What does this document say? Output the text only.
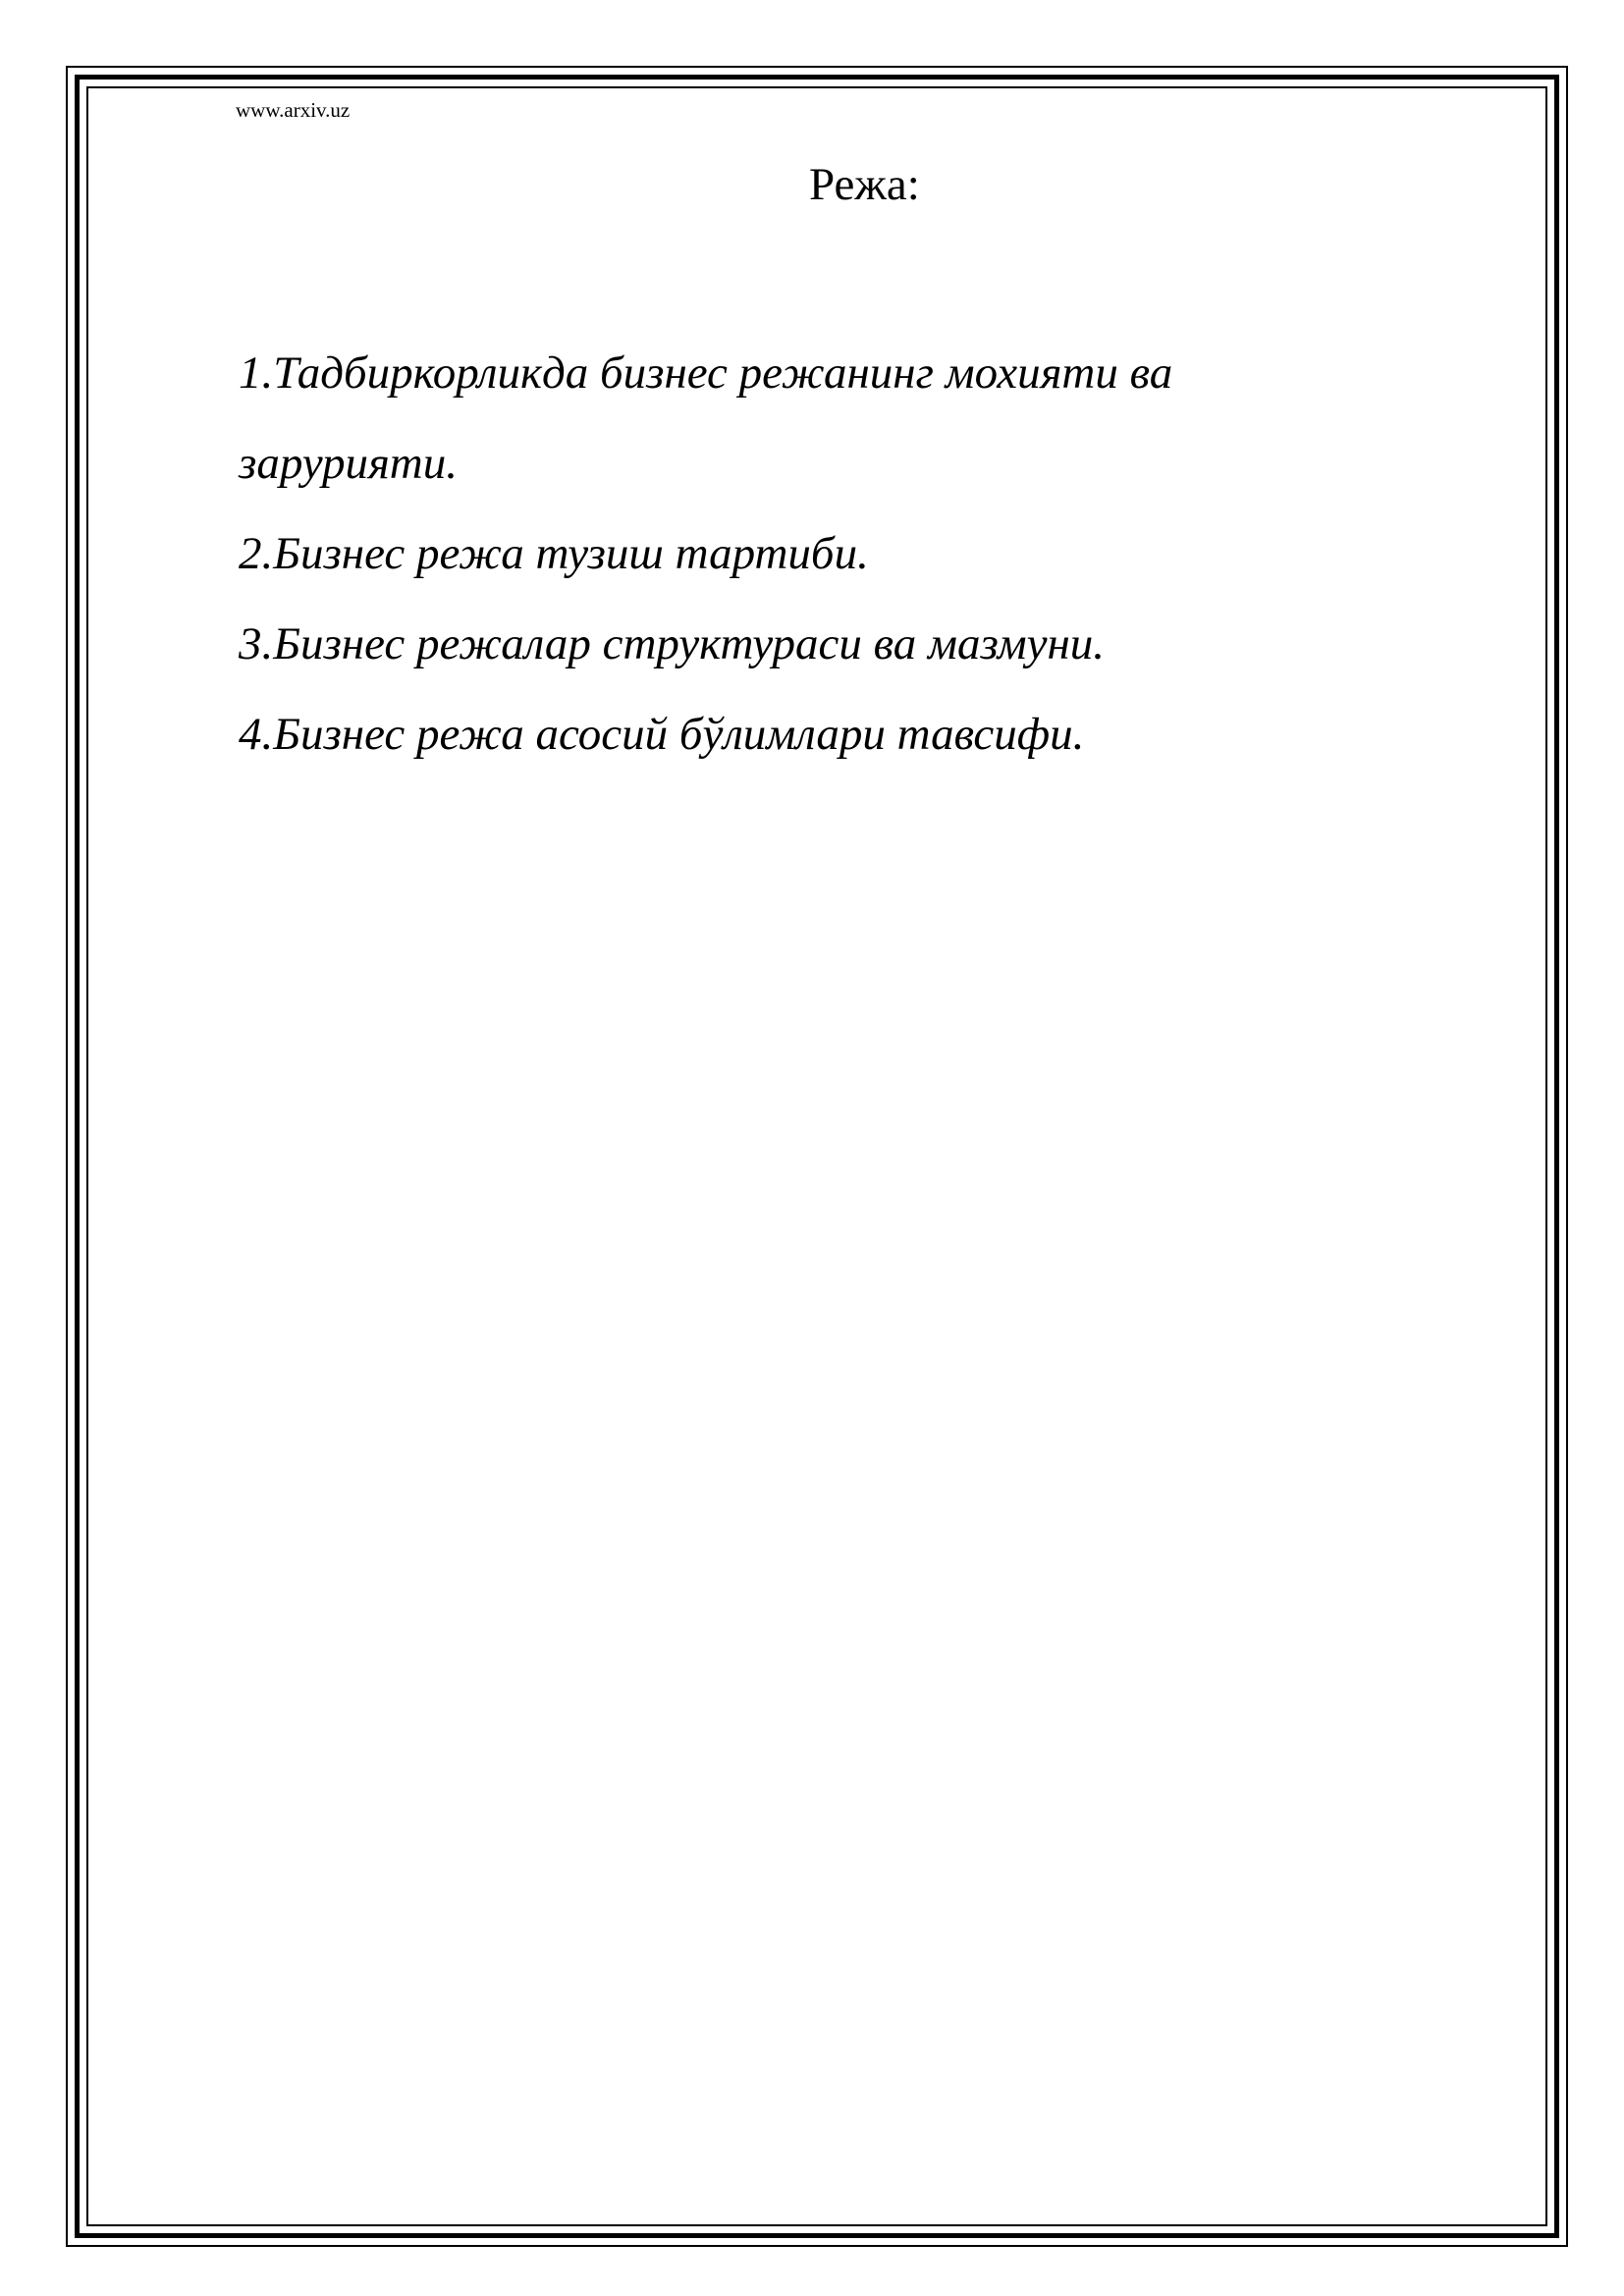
www.arxiv.uz
Режа:
1.Тадбиркорликда бизнес режанинг мохияти ва
зарурияти.
2.Бизнес режа тузиш тартиби.
3.Бизнес режалар структураси ва мазмуни.
4.Бизнес режа асосий бўлимлари тавсифи.
